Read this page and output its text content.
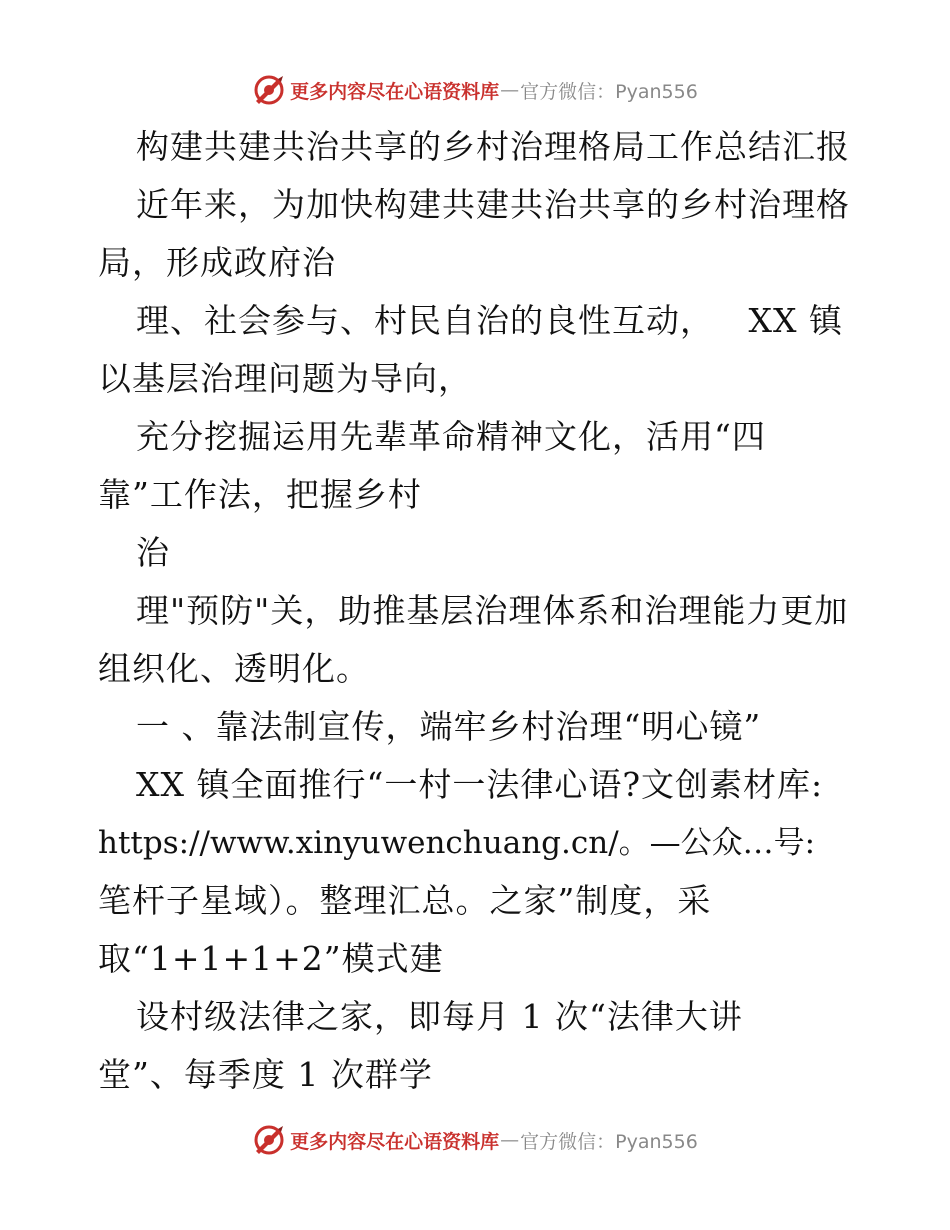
更多内容尽在心语资料库 — 官方微信：Pyan556
构建共建共治共享的乡村治理格局工作总结汇报
近年来，为加快构建共建共治共享的乡村治理格
局，形成政府治
理、社会参与、村民自治的良性互动，   XX 镇
以基层治理问题为导向，
充分挖掘运用先辈革命精神文化，活用“四
靠”工作法，把握乡村
治
理"预防"关，助推基层治理体系和治理能力更加
组织化、透明化。
一 、靠法制宣传，端牢乡村治理“明心镜”
XX 镇全面推行“一村一法律心语?文创素材库:
https://www.xinyuwenchuang.cn/。—公众…号:
笔杆子星域）。整理汇总。之家”制度，采
取“1+1+1+2”模式建
设村级法律之家，即每月 1 次“法律大讲
堂”、每季度 1 次群学
更多内容尽在心语资料库 — 官方微信：Pyan556
